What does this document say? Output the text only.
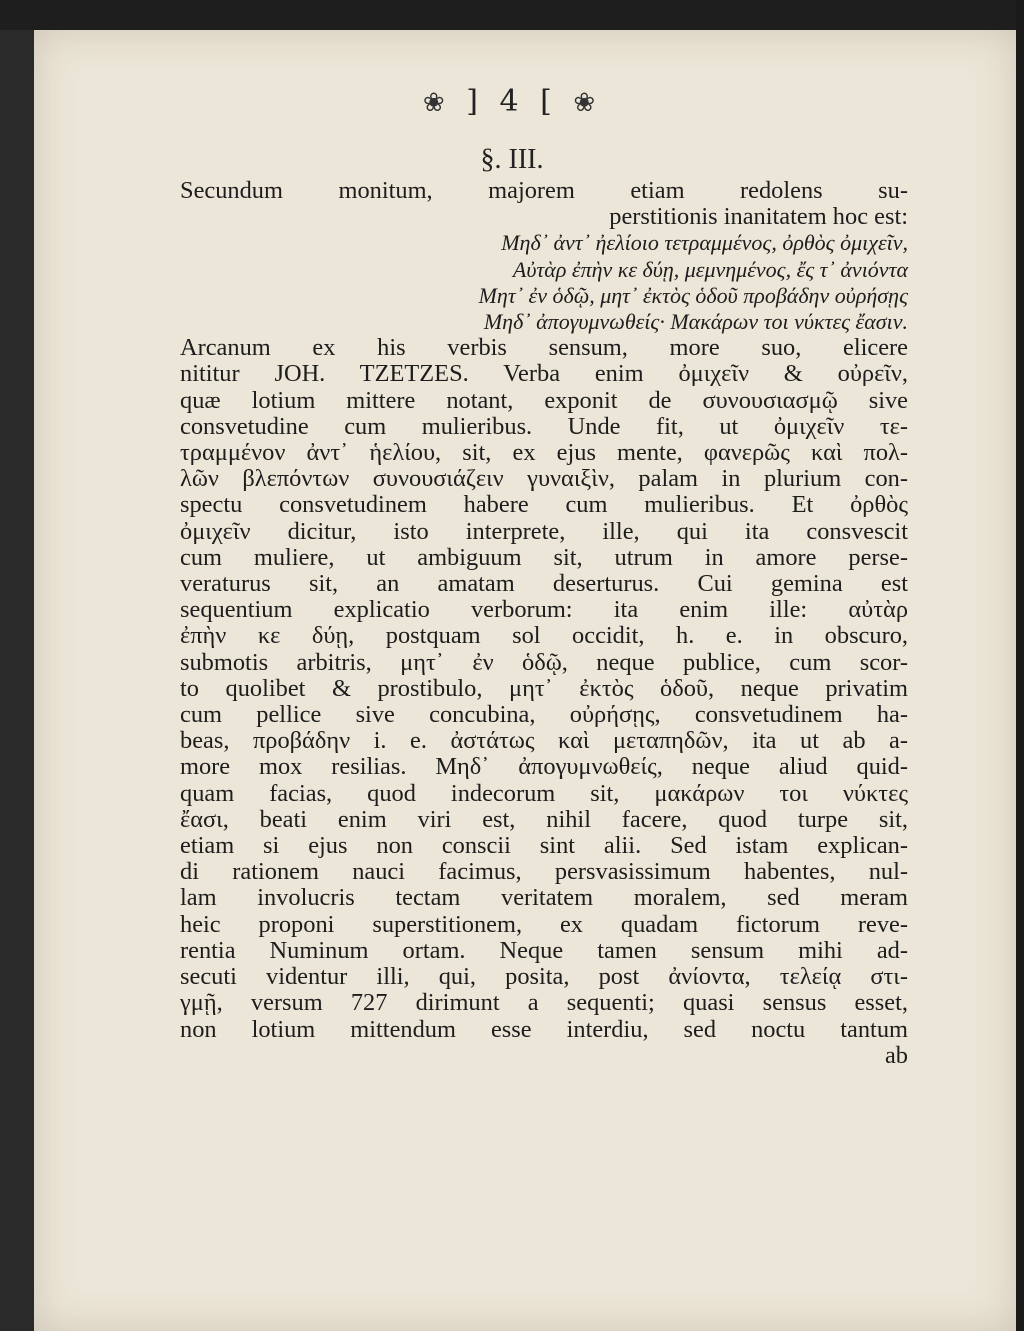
❀ ] 4 [ ❀
§. III.
Secundum monitum, majorem etiam redolens su-
perstitionis inanitatem hoc est:
Μηδ᾽ ἀντ᾽ ἠελίοιο τετραμμένος, ὀρθὸς ὀμιχεῖν,
Αὐτὰρ ἐπὴν κε δύῃ, μεμνημένος, ἔς τ᾽ ἀνιόντα
Μητ᾽ ἐν ὁδῷ, μητ᾽ ἐκτὸς ὁδοῦ προβάδην οὐρήσῃς
Μηδ᾽ ἀπογυμνωθείς· Μακάρων τοι νύκτες ἔασιν.
Arcanum ex his verbis sensum, more suo, elicere
nititur JOH. TZETZES. Verba enim ὀμιχεῖν & οὐρεῖν,
quæ lotium mittere notant, exponit de συνουσιασμῷ sive
consvetudine cum mulieribus. Unde fit, ut ὀμιχεῖν τε-
τραμμένον ἀντ᾽ ἡελίου, sit, ex ejus mente, φανερῶς καὶ πολ-
λῶν βλεπόντων συνουσιάζειν γυναιξὶν, palam in plurium con-
spectu consvetudinem habere cum mulieribus. Et ὀρθὸς
ὀμιχεῖν dicitur, isto interprete, ille, qui ita consvescit
cum muliere, ut ambiguum sit, utrum in amore perse-
veraturus sit, an amatam deserturus. Cui gemina est
sequentium explicatio verborum: ita enim ille: αὐτὰρ
ἐπὴν κε δύῃ, postquam sol occidit, h. e. in obscuro,
submotis arbitris, μητ᾽ ἐν ὁδῷ, neque publice, cum scor-
to quolibet & prostibulo, μητ᾽ ἐκτὸς ὁδοῦ, neque privatim
cum pellice sive concubina, οὐρήσῃς, consvetudinem ha-
beas, προβάδην i. e. ἀστάτως καὶ μεταπηδῶν, ita ut ab a-
more mox resilias. Μηδ᾽ ἀπογυμνωθείς, neque aliud quid-
quam facias, quod indecorum sit, μακάρων τοι νύκτες
ἔασι, beati enim viri est, nihil facere, quod turpe sit,
etiam si ejus non conscii sint alii. Sed istam explican-
di rationem nauci facimus, persvasissimum habentes, nul-
lam involucris tectam veritatem moralem, sed meram
heic proponi superstitionem, ex quadam fictorum reve-
rentia Numinum ortam. Neque tamen sensum mihi ad-
secuti videntur illi, qui, posita, post ἀνίοντα, τελείᾳ στι-
γμῇ, versum 727 dirimunt a sequenti; quasi sensus esset,
non lotium mittendum esse interdiu, sed noctu tantum
ab
